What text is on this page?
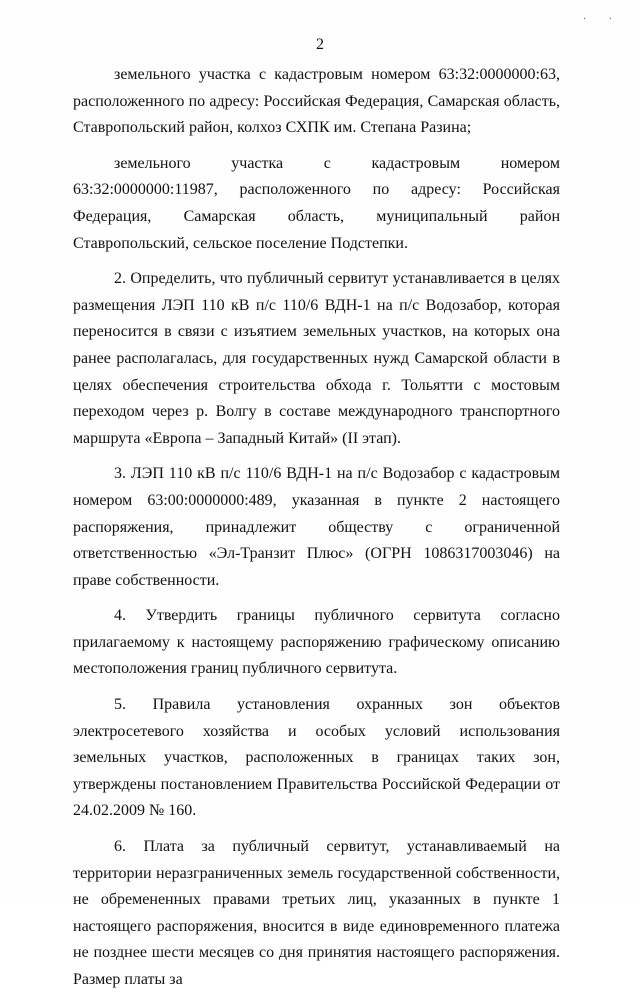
· ·
2

земельного участка с кадастровым номером 63:32:0000000:63, расположенного по адресу: Российская Федерация, Самарская область, Ставропольский район, колхоз СХПК им. Степана Разина;

земельного участка с кадастровым номером 63:32:0000000:11987, расположенного по адресу: Российская Федерация, Самарская область, муниципальный район Ставропольский, сельское поселение Подстепки.

2. Определить, что публичный сервитут устанавливается в целях размещения ЛЭП 110 кВ п/с 110/6 ВДН-1 на п/с Водозабор, которая переносится в связи с изъятием земельных участков, на которых она ранее располагалась, для государственных нужд Самарской области в целях обеспечения строительства обхода г. Тольятти с мостовым переходом через р. Волгу в составе международного транспортного маршрута «Европа – Западный Китай» (II этап).

3. ЛЭП 110 кВ п/с 110/6 ВДН-1 на п/с Водозабор с кадастровым номером 63:00:0000000:489, указанная в пункте 2 настоящего распоряжения, принадлежит обществу с ограниченной ответственностью «Эл-Транзит Плюс» (ОГРН 1086317003046) на праве собственности.

4. Утвердить границы публичного сервитута согласно прилагаемому к настоящему распоряжению графическому описанию местоположения границ публичного сервитута.

5. Правила установления охранных зон объектов электросетевого хозяйства и особых условий использования земельных участков, расположенных в границах таких зон, утверждены постановлением Правительства Российской Федерации от 24.02.2009 № 160.

6. Плата за публичный сервитут, устанавливаемый на территории неразграниченных земель государственной собственности, не обремененных правами третьих лиц, указанных в пункте 1 настоящего распоряжения, вносится в виде единовременного платежа не позднее шести месяцев со дня принятия настоящего распоряжения. Размер платы за
